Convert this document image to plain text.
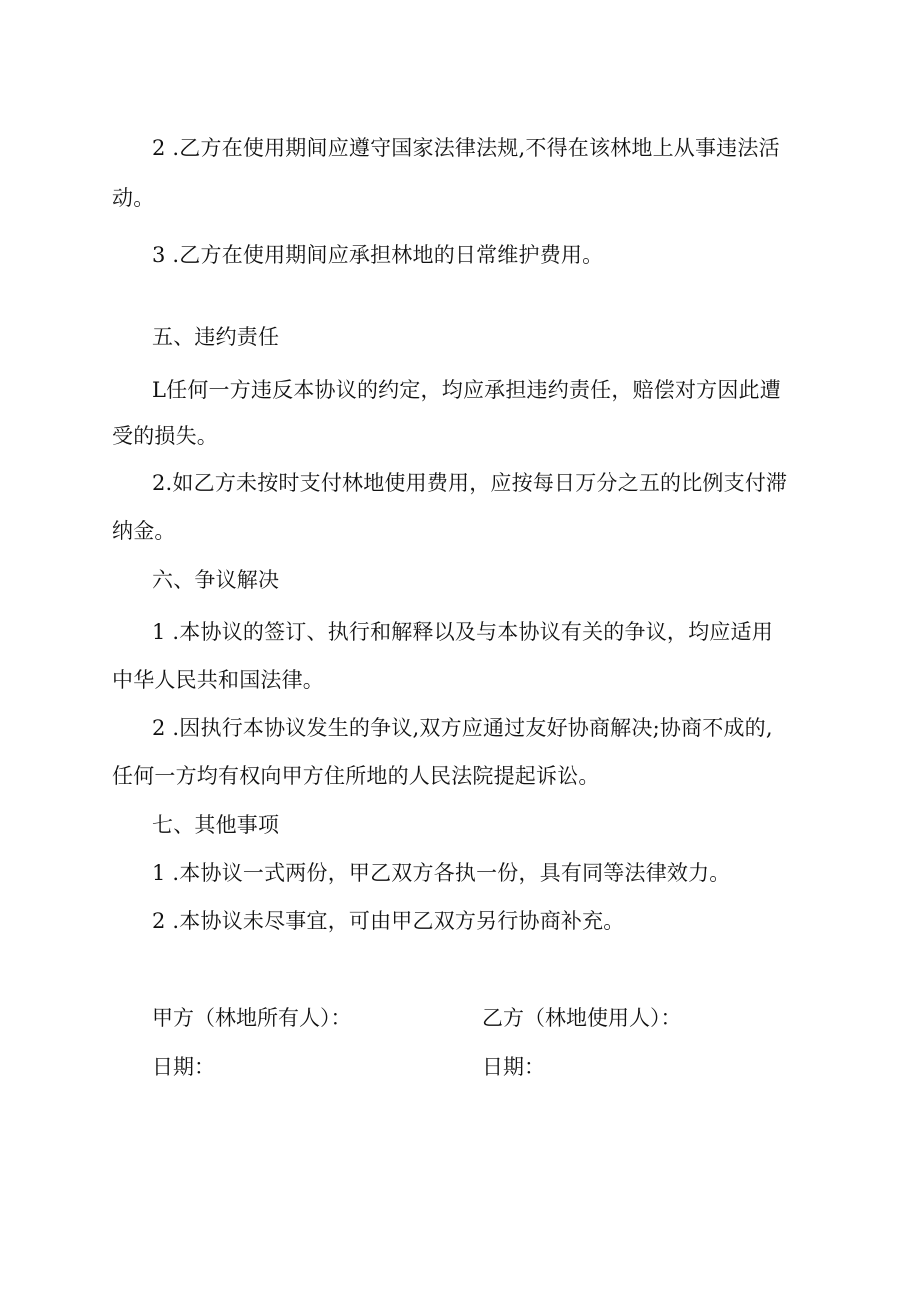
2 .乙方在使用期间应遵守国家法律法规,不得在该林地上从事违法活
动。
3 .乙方在使用期间应承担林地的日常维护费用。
五、违约责任
L任何一方违反本协议的约定，均应承担违约责任，赔偿对方因此遭
受的损失。
2.如乙方未按时支付林地使用费用，应按每日万分之五的比例支付滞
纳金。
六、争议解决
1 .本协议的签订、执行和解释以及与本协议有关的争议，均应适用
中华人民共和国法律。
2 .因执行本协议发生的争议,双方应通过友好协商解决;协商不成的,
任何一方均有权向甲方住所地的人民法院提起诉讼。
七、其他事项
1 .本协议一式两份，甲乙双方各执一份，具有同等法律效力。
2 .本协议未尽事宜，可由甲乙双方另行协商补充。
甲方（林地所有人）：	乙方（林地使用人）：
日期：	日期：
